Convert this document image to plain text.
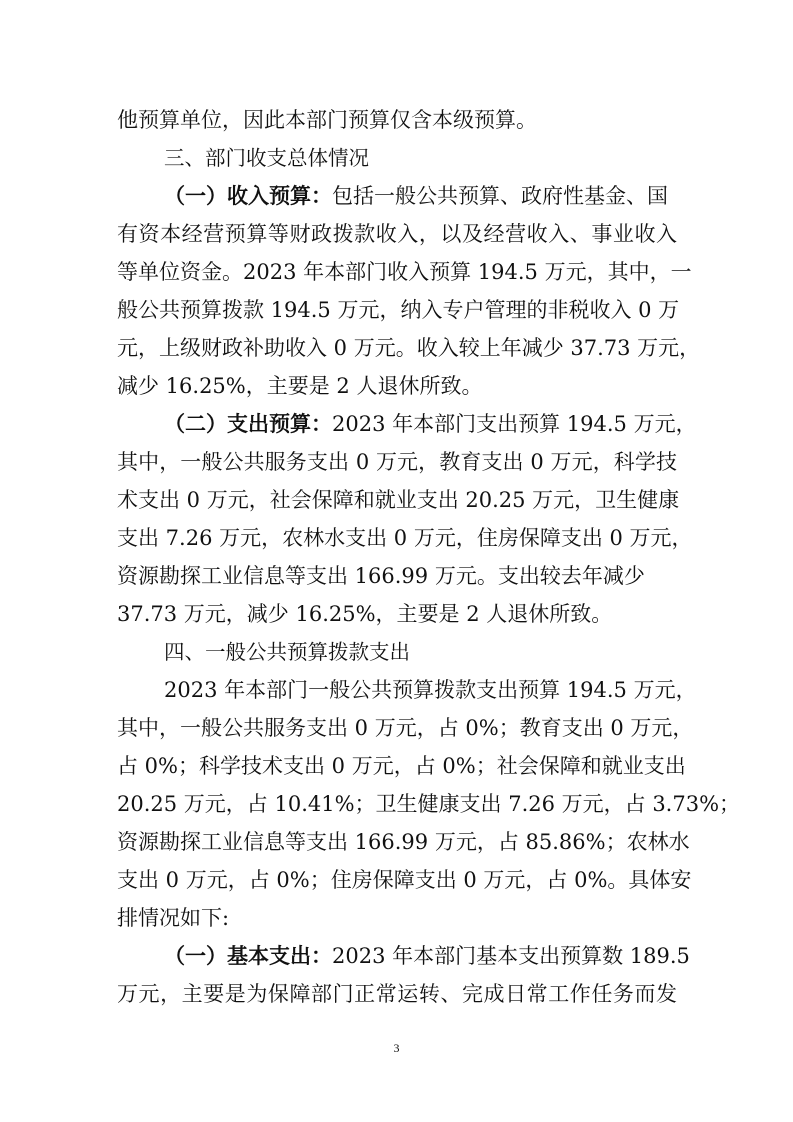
他预算单位，因此本部门预算仅含本级预算。
三、部门收支总体情况
（一）收入预算：包括一般公共预算、政府性基金、国
有资本经营预算等财政拨款收入，以及经营收入、事业收入
等单位资金。2023 年本部门收入预算 194.5 万元，其中，一
般公共预算拨款 194.5 万元，纳入专户管理的非税收入 0 万
元，上级财政补助收入 0 万元。收入较上年减少 37.73 万元，
减少 16.25%，主要是 2 人退休所致。
（二）支出预算：2023 年本部门支出预算 194.5 万元，
其中，一般公共服务支出 0 万元，教育支出 0 万元，科学技
术支出 0 万元，社会保障和就业支出 20.25 万元，卫生健康
支出 7.26 万元，农林水支出 0 万元，住房保障支出 0 万元，
资源勘探工业信息等支出 166.99 万元。支出较去年减少
37.73 万元，减少 16.25%，主要是 2 人退休所致。
四、一般公共预算拨款支出
2023 年本部门一般公共预算拨款支出预算 194.5 万元，
其中，一般公共服务支出 0 万元，占 0%；教育支出 0 万元，
占 0%；科学技术支出 0 万元，占 0%；社会保障和就业支出
20.25 万元，占 10.41%；卫生健康支出 7.26 万元，占 3.73%；
资源勘探工业信息等支出 166.99 万元，占 85.86%；农林水
支出 0 万元，占 0%；住房保障支出 0 万元，占 0%。具体安
排情况如下:
（一）基本支出：2023 年本部门基本支出预算数 189.5
万元，主要是为保障部门正常运转、完成日常工作任务而发
3
